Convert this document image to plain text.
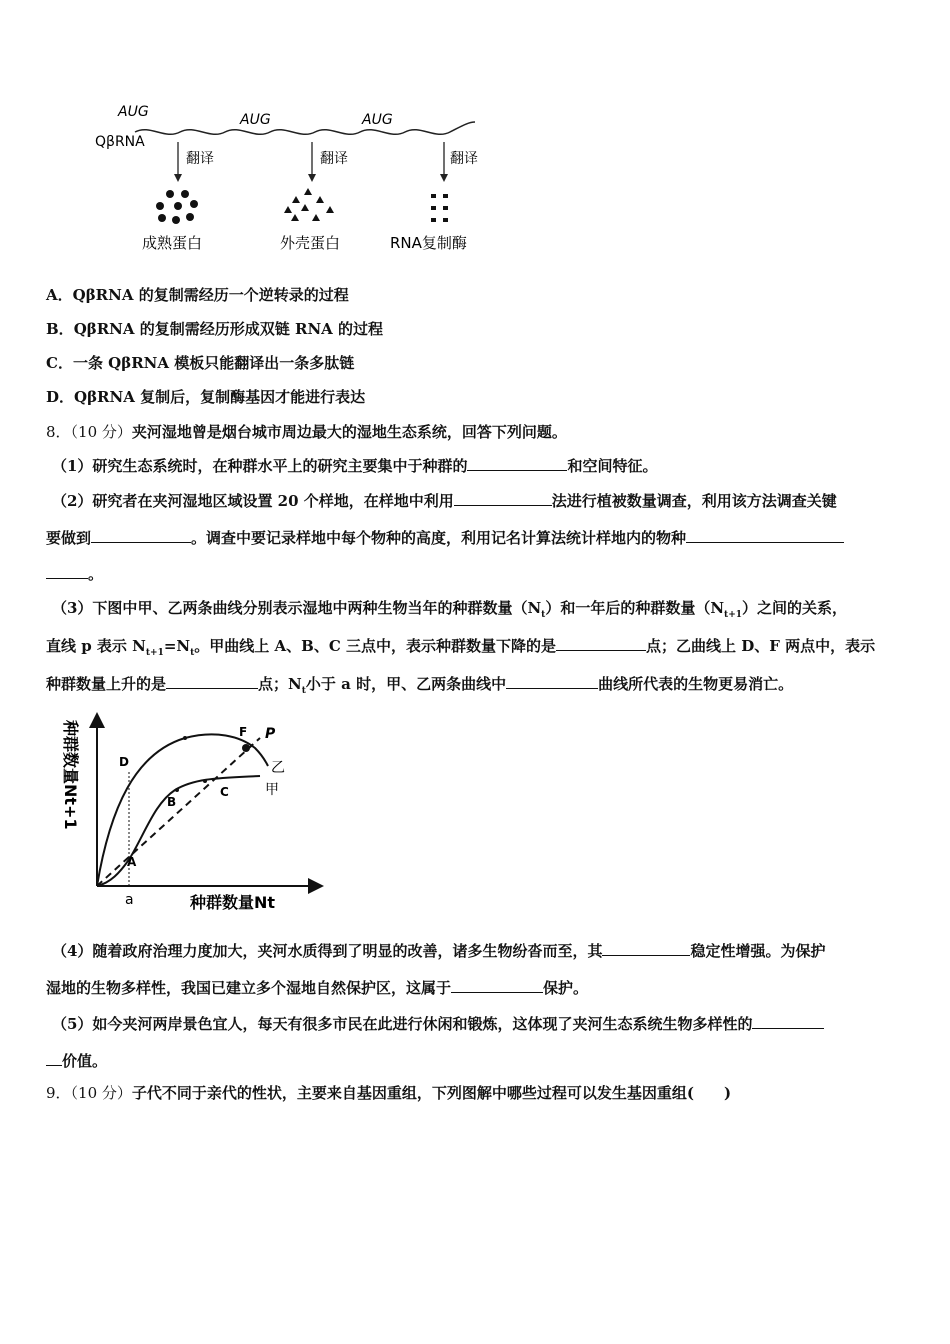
AUG	AUG	AUG
QβRNA
翻译	翻译	翻译
成熟蛋白	外壳蛋白	RNA复制酶
A．QβRNA 的复制需经历一个逆转录的过程
B．QβRNA 的复制需经历形成双链 RNA 的过程
C．一条 QβRNA 模板只能翻译出一条多肽链
D．QβRNA 复制后，复制酶基因才能进行表达
8．（10 分）夹河湿地曾是烟台城市周边最大的湿地生态系统，回答下列问题。
（1）研究生态系统时，在种群水平上的研究主要集中于种群的	和空间特征。
（2）研究者在夹河湿地区域设置 20 个样地，在样地中利用	法进行植被数量调查，利用该方法调查关键
要做到	。调查中要记录样地中每个物种的高度，利用记名计算法统计样地内的物种
。
（3）下图中甲、乙两条曲线分别表示湿地中两种生物当年的种群数量$(N_t)$和一年后的种群数量$(N_{t+1})$之间的关系，
直线 p 表示 $N_{t+1}=N_t$。甲曲线上 A、B、C 三点中，表示种群数量下降的是	点；乙曲线上 D、F 两点中，表示
种群数量上升的是	点；$N_t$小于 a 时，甲、乙两条曲线中	曲线所代表的生物更易消亡。
种群数量Nt+1
种群数量Nt
P
乙
甲
A
B
C
D
F
a
（4）随着政府治理力度加大，夹河水质得到了明显的改善，诸多生物纷沓而至，其	稳定性增强。为保护
湿地的生物多样性，我国已建立多个湿地自然保护区，这属于	保护。
（5）如今夹河两岸景色宜人，每天有很多市民在此进行休闲和锻炼，这体现了夹河生态系统生物多样性的
价值。
9．（10 分）子代不同于亲代的性状，主要来自基因重组，下列图解中哪些过程可以发生基因重组(　　)
